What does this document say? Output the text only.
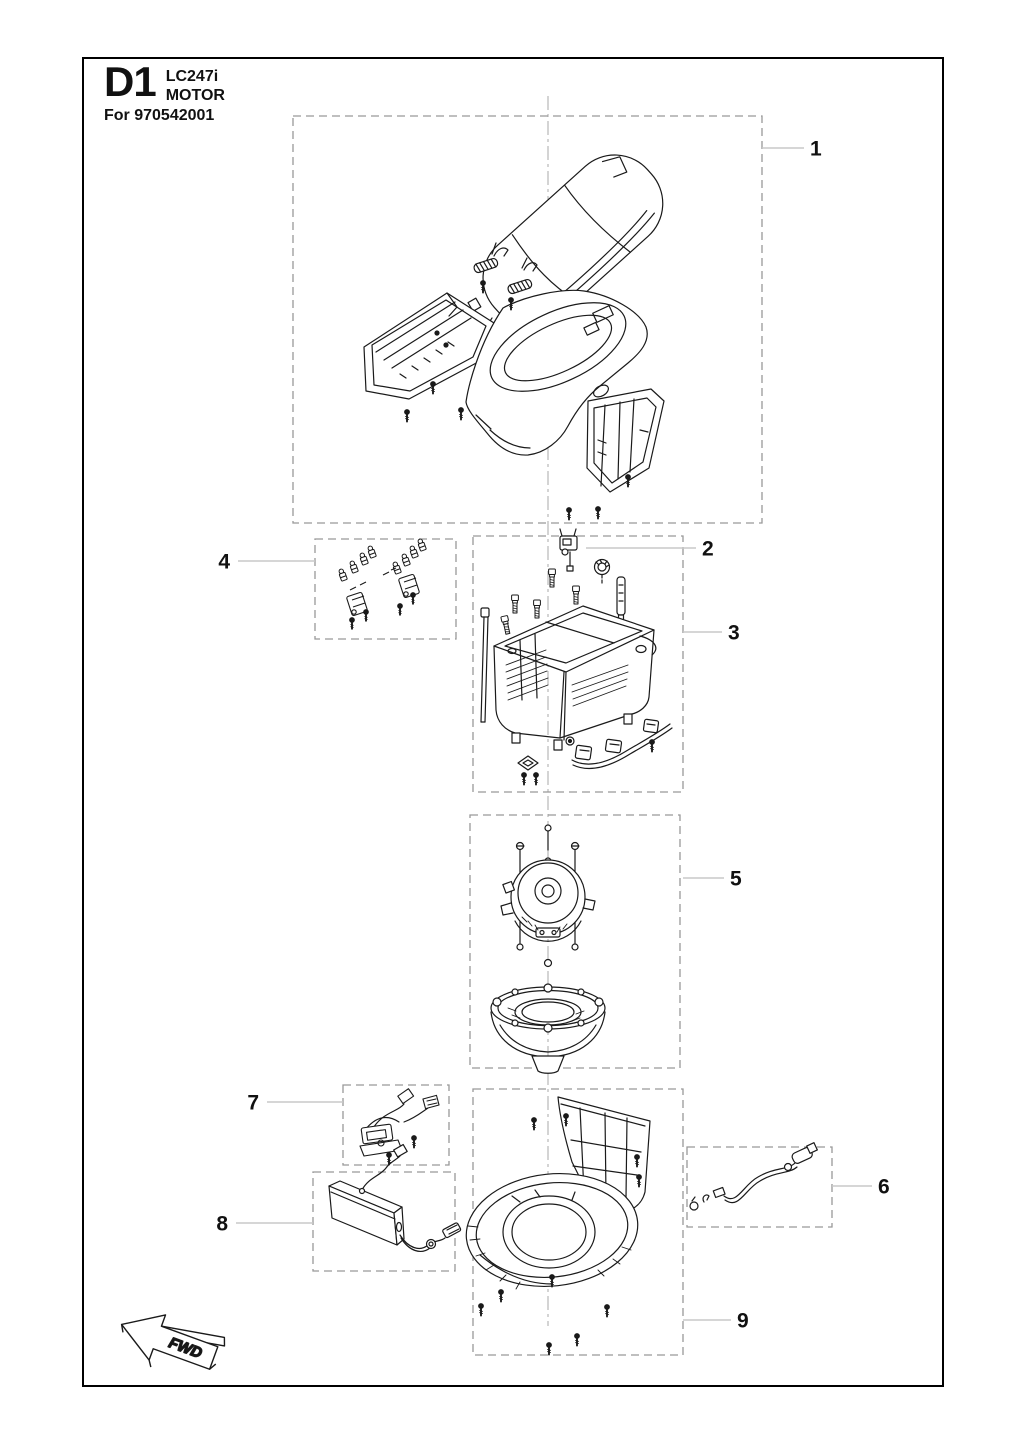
D1 LC247i
MOTOR
For 970542001
1
2
3
4
5
6
7
8
9
FWD
